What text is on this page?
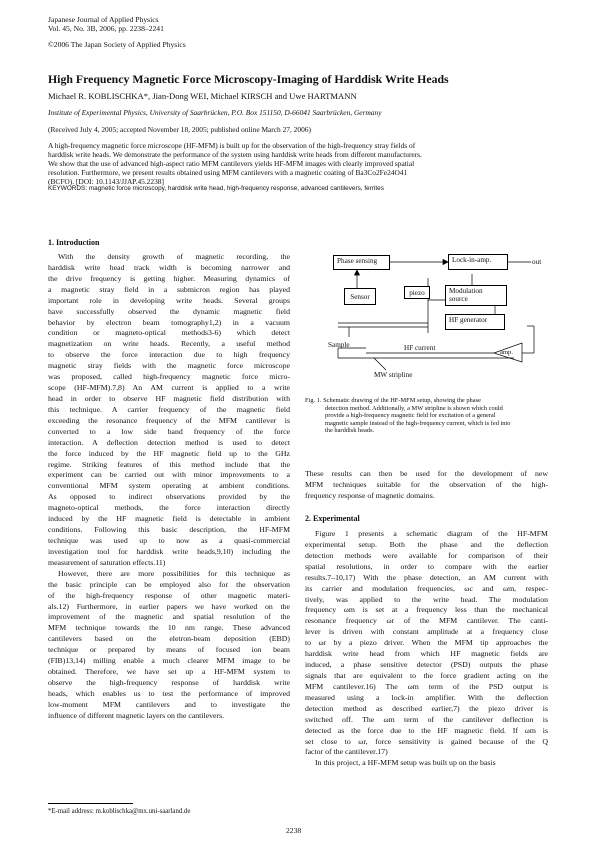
Japanese Journal of Applied Physics
Vol. 45, No. 3B, 2006, pp. 2238–2241
©2006 The Japan Society of Applied Physics
High Frequency Magnetic Force Microscopy-Imaging of Harddisk Write Heads
Michael R. KOBLISCHKA*, Jian-Dong WEI, Michael KIRSCH and Uwe HARTMANN
Institute of Experimental Physics, University of Saarbrücken, P.O. Box 151150, D-66041 Saarbrücken, Germany
(Received July 4, 2005; accepted November 18, 2005; published online March 27, 2006)
A high-frequency magnetic force microscope (HF-MFM) is built up for the observation of the high-frequency stray fields of
harddisk write heads. We demonstrate the performance of the system using harddisk write heads from different manufacturers.
We show that the use of advanced high-aspect ratio MFM cantilevers yields HF-MFM images with clearly improved spatial
resolution. Furthermore, we present results obtained using MFM cantilevers with a magnetic coating of Ba3Co2Fe24O41
(BCFO). [DOI: 10.1143/JJAP.45.2238]
KEYWORDS: magnetic force microscopy, harddisk write head, high-frequency response, advanced cantilevers, ferrites
1. Introduction
With the density growth of magnetic recording, the
harddisk write head track width is becoming narrower and
the drive frequency is getting higher. Measuring dynamics of
a magnetic stray field in a submicron region has played
important role in developing write heads. Several groups
have successfully observed the dynamic magnetic field
behavior by electron beam tomography1,2) in a vacuum
condition or magneto-optical methods3-6) which detect
magnetization on write heads. Recently, a useful method
to observe the force interaction due to high frequency
magnetic stray fields with the magnetic force microscope
was proposed, called high-frequency magnetic force micro-
scope (HF-MFM).7,8) An AM current is applied to a write
head in order to observe HF magnetic field distribution with
this technique. A carrier frequency of the magnetic field
exceeding the resonance frequency of the MFM cantilever is
converted to a low side band frequency of the force
interaction. A deflection detection method is used to detect
the force induced by the HF magnetic field up to the GHz
regime. Striking features of this method include that the
experiment can be carried out with minor improvements to a
conventional MFM system operating at ambient conditions.
As opposed to indirect observations provided by the
magneto-optical methods, the force interaction directly
induced by the HF magnetic field is detectable in ambient
conditions. Following this basic description, the HF-MFM
technique was used up to now as a quasi-commercial
investigation tool for harddisk write heads,9,10) including the
measurement of saturation effects.11)
However, there are more possibilities for this technique as
the basic principle can be employed also for the observation
of the high-frequency response of other magnetic materi-
als.12) Furthermore, in earlier papers we have worked on the
improvement of the magnetic and spatial resolution of the
MFM technique towards the 10 nm range. These advanced
cantilevers based on the eletron-beam deposition (EBD)
technique or prepared by means of focused ion beam
(FIB)13,14) milling enable a much clearer MFM image to be
obtained. Therefore, we have set up a HF-MFM system to
observe the high-frequency response of harddisk write
heads, which enables us to test the performance of improved
low-moment MFM cantilevers and to investigate the
influence of different magnetic layers on the cantilevers.
Phase sensing	Lock-in-amp.	out
Sensor	piezo	Modulation source
HF generator
amp.
Sample	HF current
MW stripline
Fig. 1. Schematic drawing of the HF-MFM setup, showing the phase
detection method. Additionally, a MW stripline is shown which could
provide a high-frequency magnetic field for excitation of a general
magnetic sample instead of the high-frequency current, which is fed into
the harddisk heads.
These results can then be used for the development of new
MFM techniques suitable for the observation of the high-
frequency response of magnetic domains.
2. Experimental
Figure 1 presents a schematic diagram of the HF-MFM
experimental setup. Both the phase and the deflection
detection methods were available for comparison of their
spatial resolutions, in order to compare with the earlier
results.7–10,17) With the phase detection, an AM current with
its carrier and modulation frequencies, ωc and ωm, respec-
tively, was applied to the write head. The modulation
frequency ωm is set at a frequency less than the mechanical
resonance frequency ωr of the MFM cantilever. The canti-
lever is driven with constant amplitude at a frequency close
to ωr by a piezo driver. When the MFM tip approaches the
harddisk write head from which HF magnetic fields are
induced, a phase sensitive detector (PSD) outputs the phase
signals that are equivalent to the force gradient acting on the
MFM cantilever.16) The ωm term of the PSD output is
measured using a lock-in amplifier. With the deflection
detection method as described earlier,7) the piezo driver is
switched off. The ωm term of the cantilever deflection is
detected as the force due to the HF magnetic field. If ωm is
set close to ωr, force sensitivity is gained because of the Q
factor of the cantilever.17)
In this project, a HF-MFM setup was built up on the basis
*E-mail address: m.koblischka@mx.uni-saarland.de
2238
